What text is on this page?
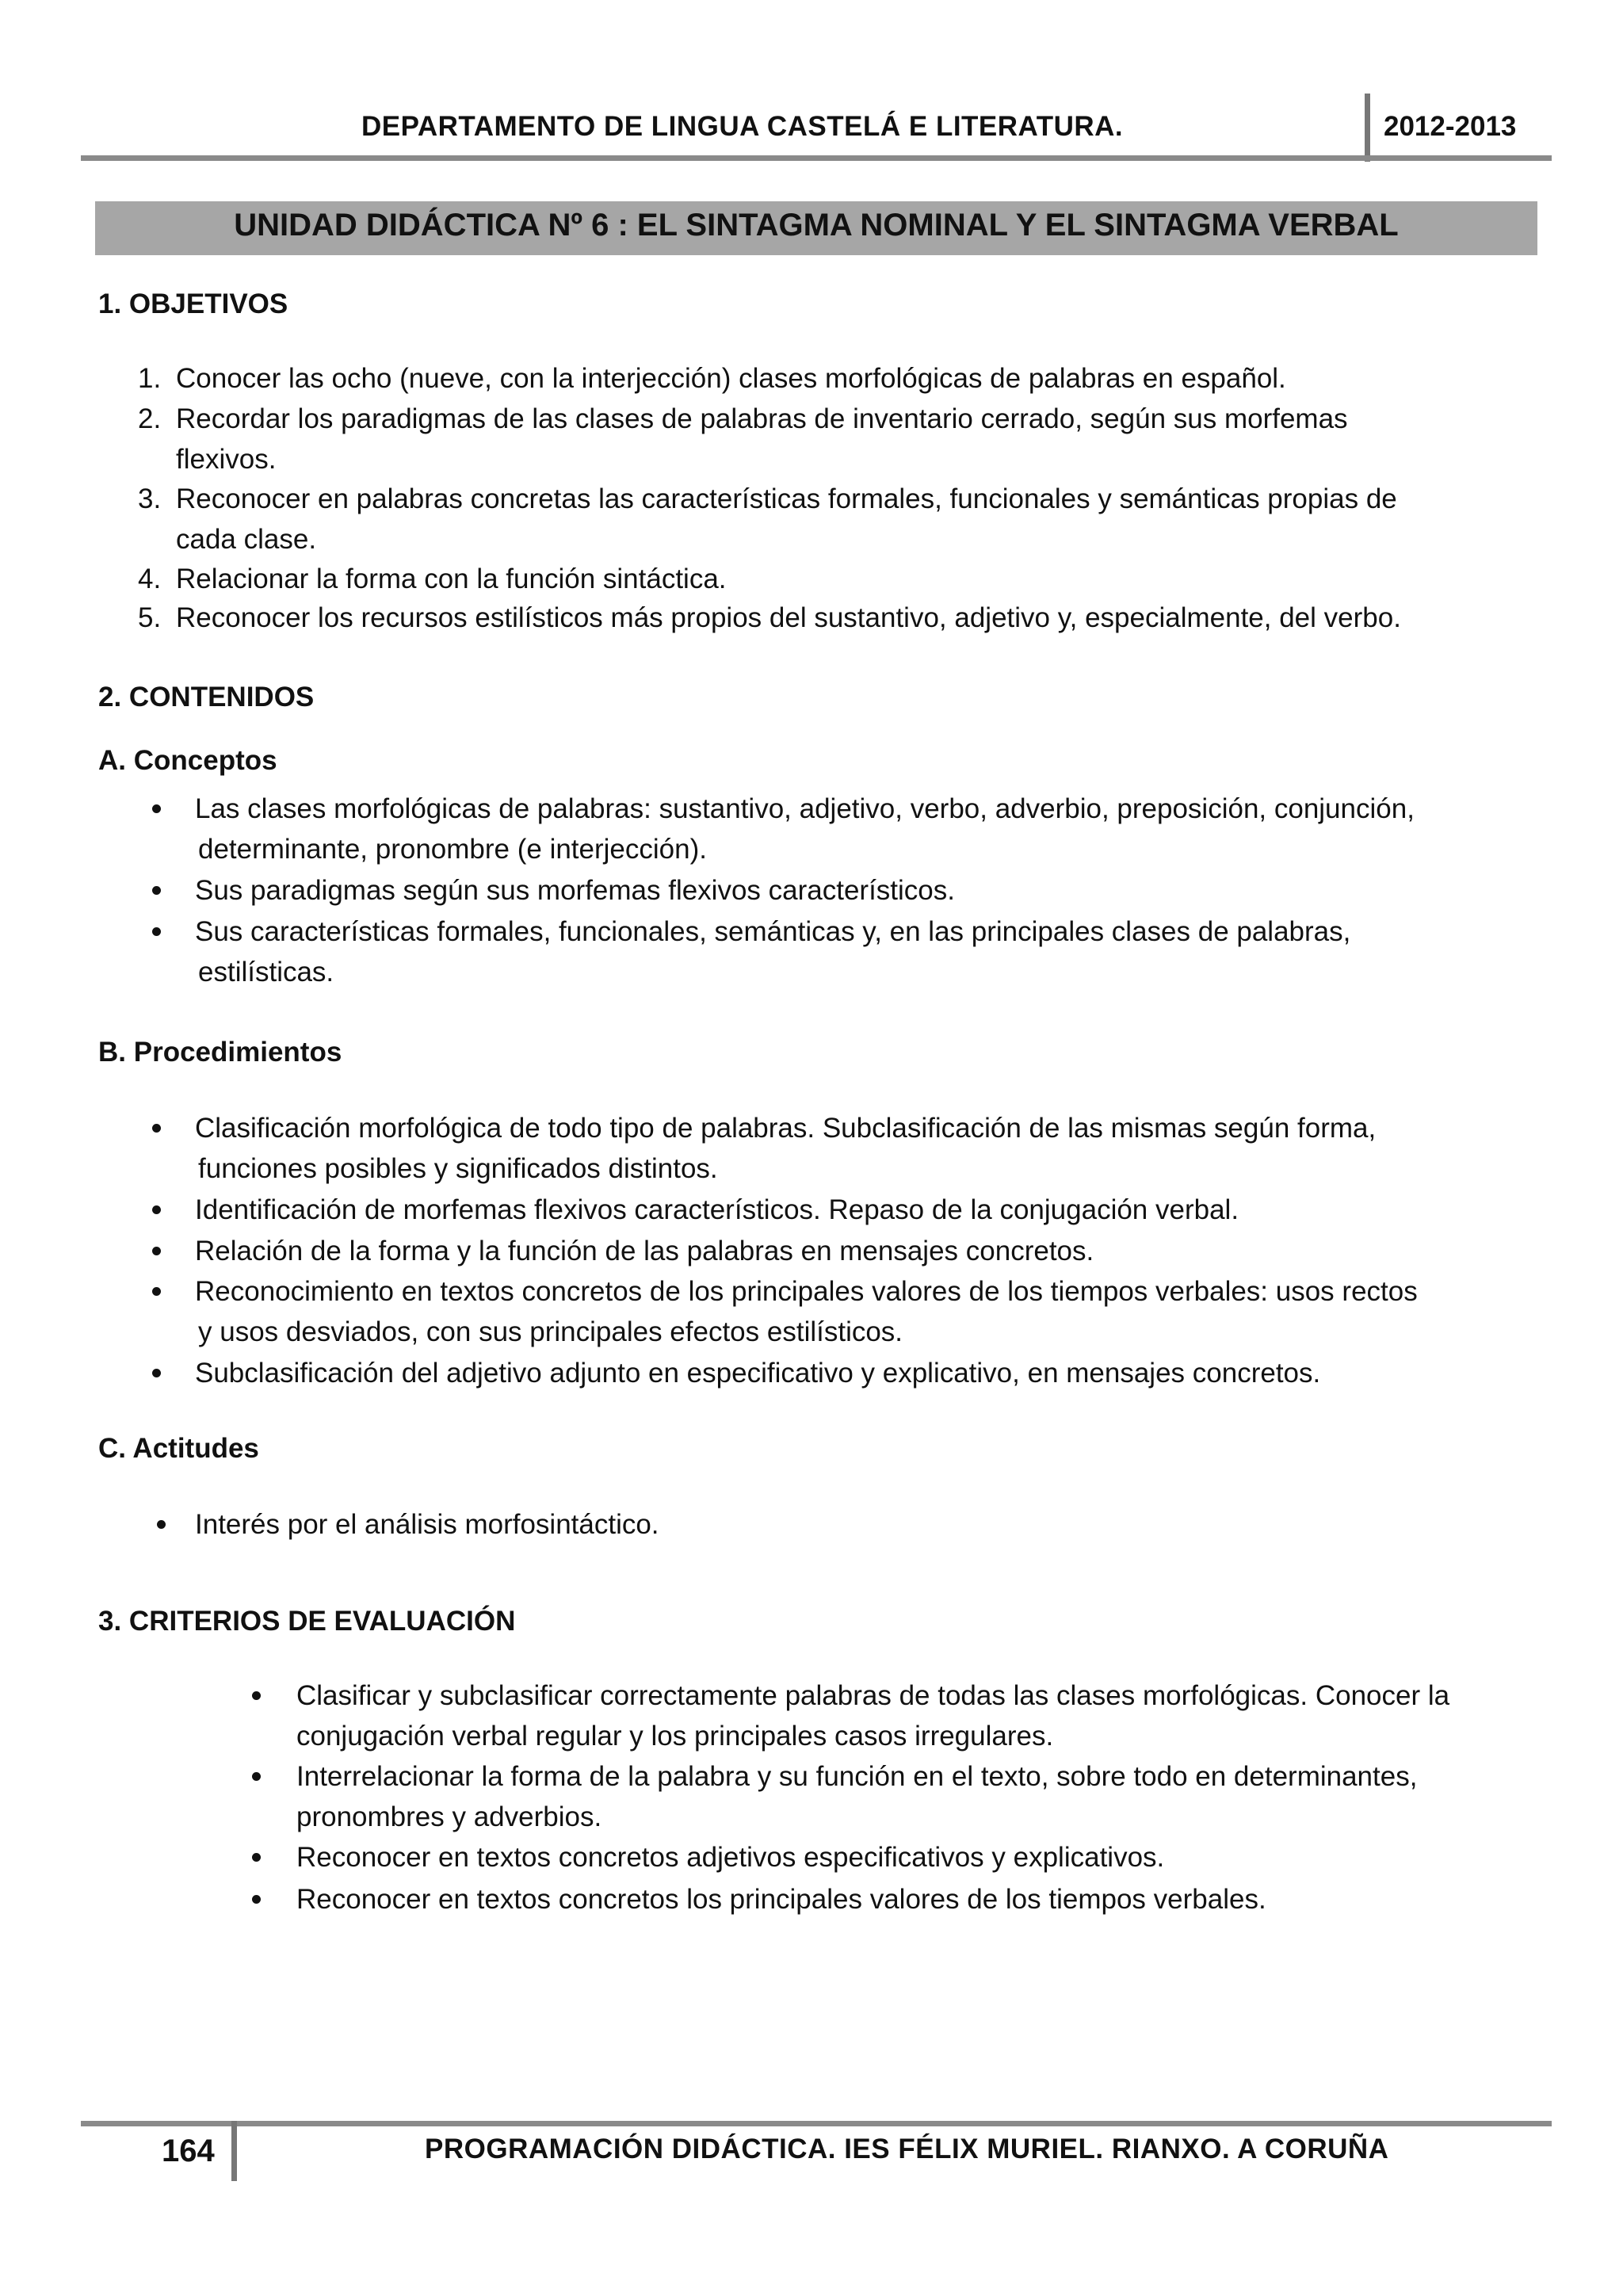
DEPARTAMENTO DE LINGUA CASTELÁ E LITERATURA.	2012-2013
UNIDAD DIDÁCTICA Nº 6 : EL SINTAGMA NOMINAL Y EL SINTAGMA VERBAL
1. OBJETIVOS
1. Conocer las ocho (nueve, con la interjección) clases morfológicas de palabras en español.
2. Recordar los paradigmas de las clases de palabras de inventario cerrado, según sus morfemas
flexivos.
3. Reconocer en palabras concretas las características formales, funcionales y semánticas propias de
cada clase.
4. Relacionar la forma con la función sintáctica.
5. Reconocer los recursos estilísticos más propios del sustantivo, adjetivo y, especialmente, del verbo.
2. CONTENIDOS
A. Conceptos
Las clases morfológicas de palabras: sustantivo, adjetivo, verbo, adverbio, preposición, conjunción,
determinante, pronombre (e interjección).
Sus paradigmas según sus morfemas flexivos característicos.
Sus características formales, funcionales, semánticas y, en las principales clases de palabras,
estilísticas.
B. Procedimientos
Clasificación morfológica de todo tipo de palabras. Subclasificación de las mismas según forma,
funciones posibles y significados distintos.
Identificación de morfemas flexivos característicos. Repaso de la conjugación verbal.
Relación de la forma y la función de las palabras en mensajes concretos.
Reconocimiento en textos concretos de los principales valores de los tiempos verbales: usos rectos
y usos desviados, con sus principales efectos estilísticos.
Subclasificación del adjetivo adjunto en especificativo y explicativo, en mensajes concretos.
C. Actitudes
Interés por el análisis morfosintáctico.
3. CRITERIOS DE EVALUACIÓN
Clasificar y subclasificar correctamente palabras de todas las clases morfológicas. Conocer la
conjugación verbal regular y los principales casos irregulares.
Interrelacionar la forma de la palabra y su función en el texto, sobre todo en determinantes,
pronombres y adverbios.
Reconocer en textos concretos adjetivos especificativos y explicativos.
Reconocer en textos concretos los principales valores de los tiempos verbales.
164	PROGRAMACIÓN DIDÁCTICA. IES FÉLIX MURIEL. RIANXO. A CORUÑA
